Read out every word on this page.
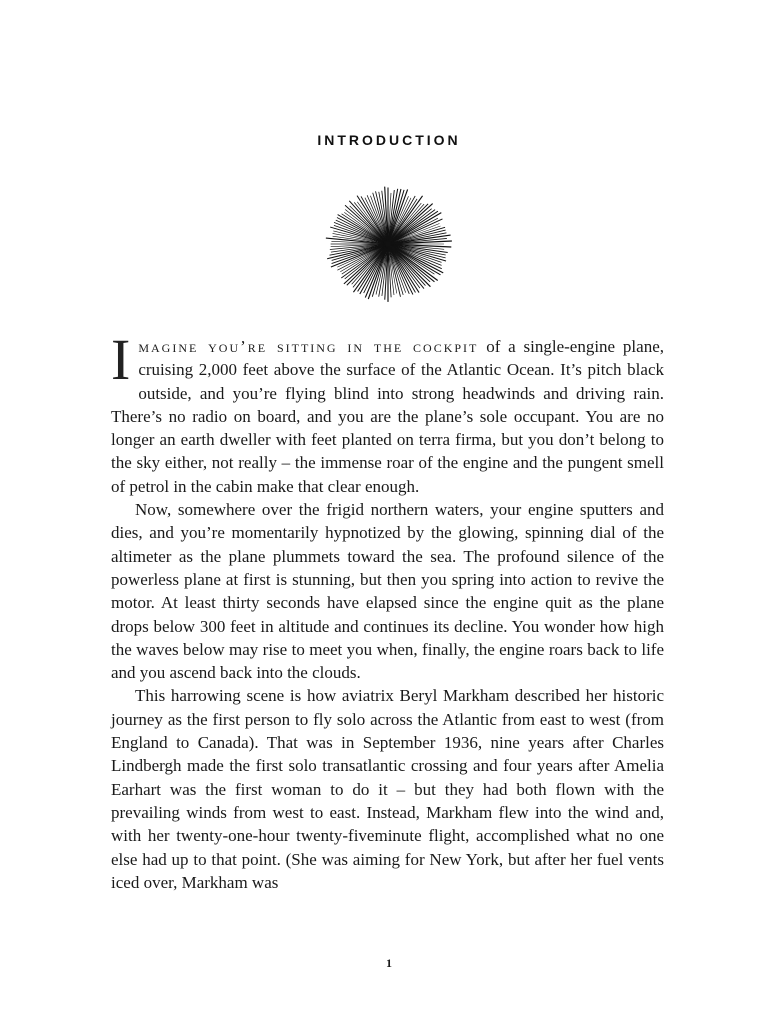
INTRODUCTION

Imagine you’re sitting in the cockpit of a single-engine plane, cruising 2,000 feet above the surface of the Atlantic Ocean. It’s pitch black outside, and you’re flying blind into strong headwinds and driving rain. There’s no radio on board, and you are the plane’s sole occupant. You are no longer an earth dweller with feet planted on terra firma, but you don’t belong to the sky either, not really – the immense roar of the engine and the pungent smell of petrol in the cabin make that clear enough.

Now, somewhere over the frigid northern waters, your engine sputters and dies, and you’re momentarily hypnotized by the glowing, spinning dial of the altimeter as the plane plummets toward the sea. The profound silence of the powerless plane at first is stunning, but then you spring into action to revive the motor. At least thirty seconds have elapsed since the engine quit as the plane drops below 300 feet in altitude and continues its decline. You wonder how high the waves below may rise to meet you when, finally, the engine roars back to life and you ascend back into the clouds.

This harrowing scene is how aviatrix Beryl Markham described her historic journey as the first person to fly solo across the Atlantic from east to west (from England to Canada). That was in September 1936, nine years after Charles Lindbergh made the first solo transatlantic crossing and four years after Amelia Earhart was the first woman to do it – but they had both flown with the prevailing winds from west to east. Instead, Markham flew into the wind and, with her twenty-one-hour twenty-fiveminute flight, accomplished what no one else had up to that point. (She was aiming for New York, but after her fuel vents iced over, Markham was

1
